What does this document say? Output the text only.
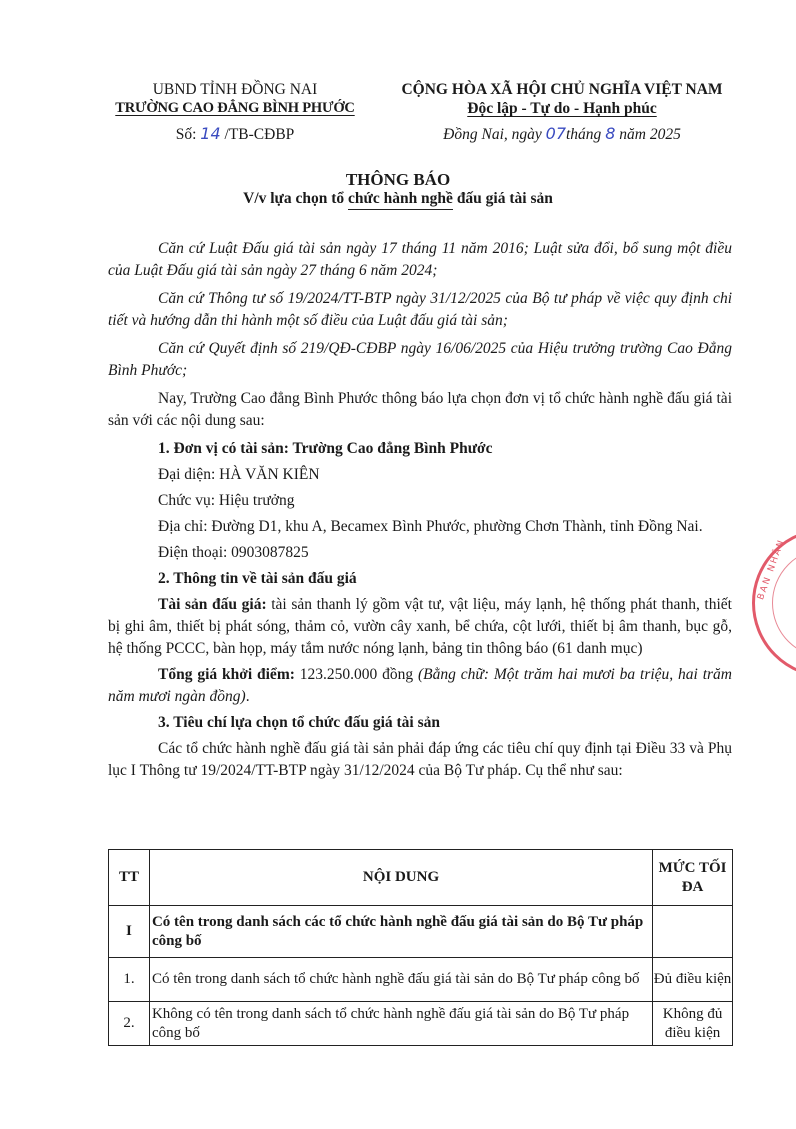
UBND TỈNH ĐỒNG NAI
TRƯỜNG CAO ĐẲNG BÌNH PHƯỚC
Số: 14 /TB-CĐBP
CỘNG HÒA XÃ HỘI CHỦ NGHĨA VIỆT NAM
Độc lập - Tự do - Hạnh phúc
Đồng Nai, ngày 07tháng 8 năm 2025
THÔNG BÁO
V/v lựa chọn tổ chức hành nghề đấu giá tài sản

Căn cứ Luật Đấu giá tài sản ngày 17 tháng 11 năm 2016; Luật sửa đổi, bổ sung một điều của Luật Đấu giá tài sản ngày 27 tháng 6 năm 2024;

Căn cứ Thông tư số 19/2024/TT-BTP ngày 31/12/2025 của Bộ tư pháp về việc quy định chi tiết và hướng dẫn thi hành một số điều của Luật đấu giá tài sản;

Căn cứ Quyết định số 219/QĐ-CĐBP ngày 16/06/2025 của Hiệu trưởng trường Cao Đẳng Bình Phước;

Nay, Trường Cao đẳng Bình Phước thông báo lựa chọn đơn vị tổ chức hành nghề đấu giá tài sản với các nội dung sau:

1. Đơn vị có tài sản: Trường Cao đẳng Bình Phước

Đại diện: HÀ VĂN KIÊN

Chức vụ: Hiệu trưởng

Địa chỉ: Đường D1, khu A, Becamex Bình Phước, phường Chơn Thành, tỉnh Đồng Nai.

Điện thoại: 0903087825

2. Thông tin về tài sản đấu giá

Tài sản đấu giá: tài sản thanh lý gồm vật tư, vật liệu, máy lạnh, hệ thống phát thanh, thiết bị ghi âm, thiết bị phát sóng, thảm cỏ, vườn cây xanh, bể chứa, cột lưới, thiết bị âm thanh, bục gỗ, hệ thống PCCC, bàn họp, máy tắm nước nóng lạnh, bảng tin thông báo (61 danh mục)

Tổng giá khởi điểm: 123.250.000 đồng (Bằng chữ: Một trăm hai mươi ba triệu, hai trăm năm mươi ngàn đồng).

3. Tiêu chí lựa chọn tổ chức đấu giá tài sản

Các tổ chức hành nghề đấu giá tài sản phải đáp ứng các tiêu chí quy định tại Điều 33 và Phụ lục I Thông tư 19/2024/TT-BTP ngày 31/12/2024 của Bộ Tư pháp. Cụ thể như sau:

TT	NỘI DUNG	MỨC TỐI ĐA
I	Có tên trong danh sách các tổ chức hành nghề đấu giá tài sản do Bộ Tư pháp công bố	
1.	Có tên trong danh sách tổ chức hành nghề đấu giá tài sản do Bộ Tư pháp công bố	Đủ điều kiện
2.	Không có tên trong danh sách tổ chức hành nghề đấu giá tài sản do Bộ Tư pháp công bố	Không đủ điều kiện
BAN NHÂN
